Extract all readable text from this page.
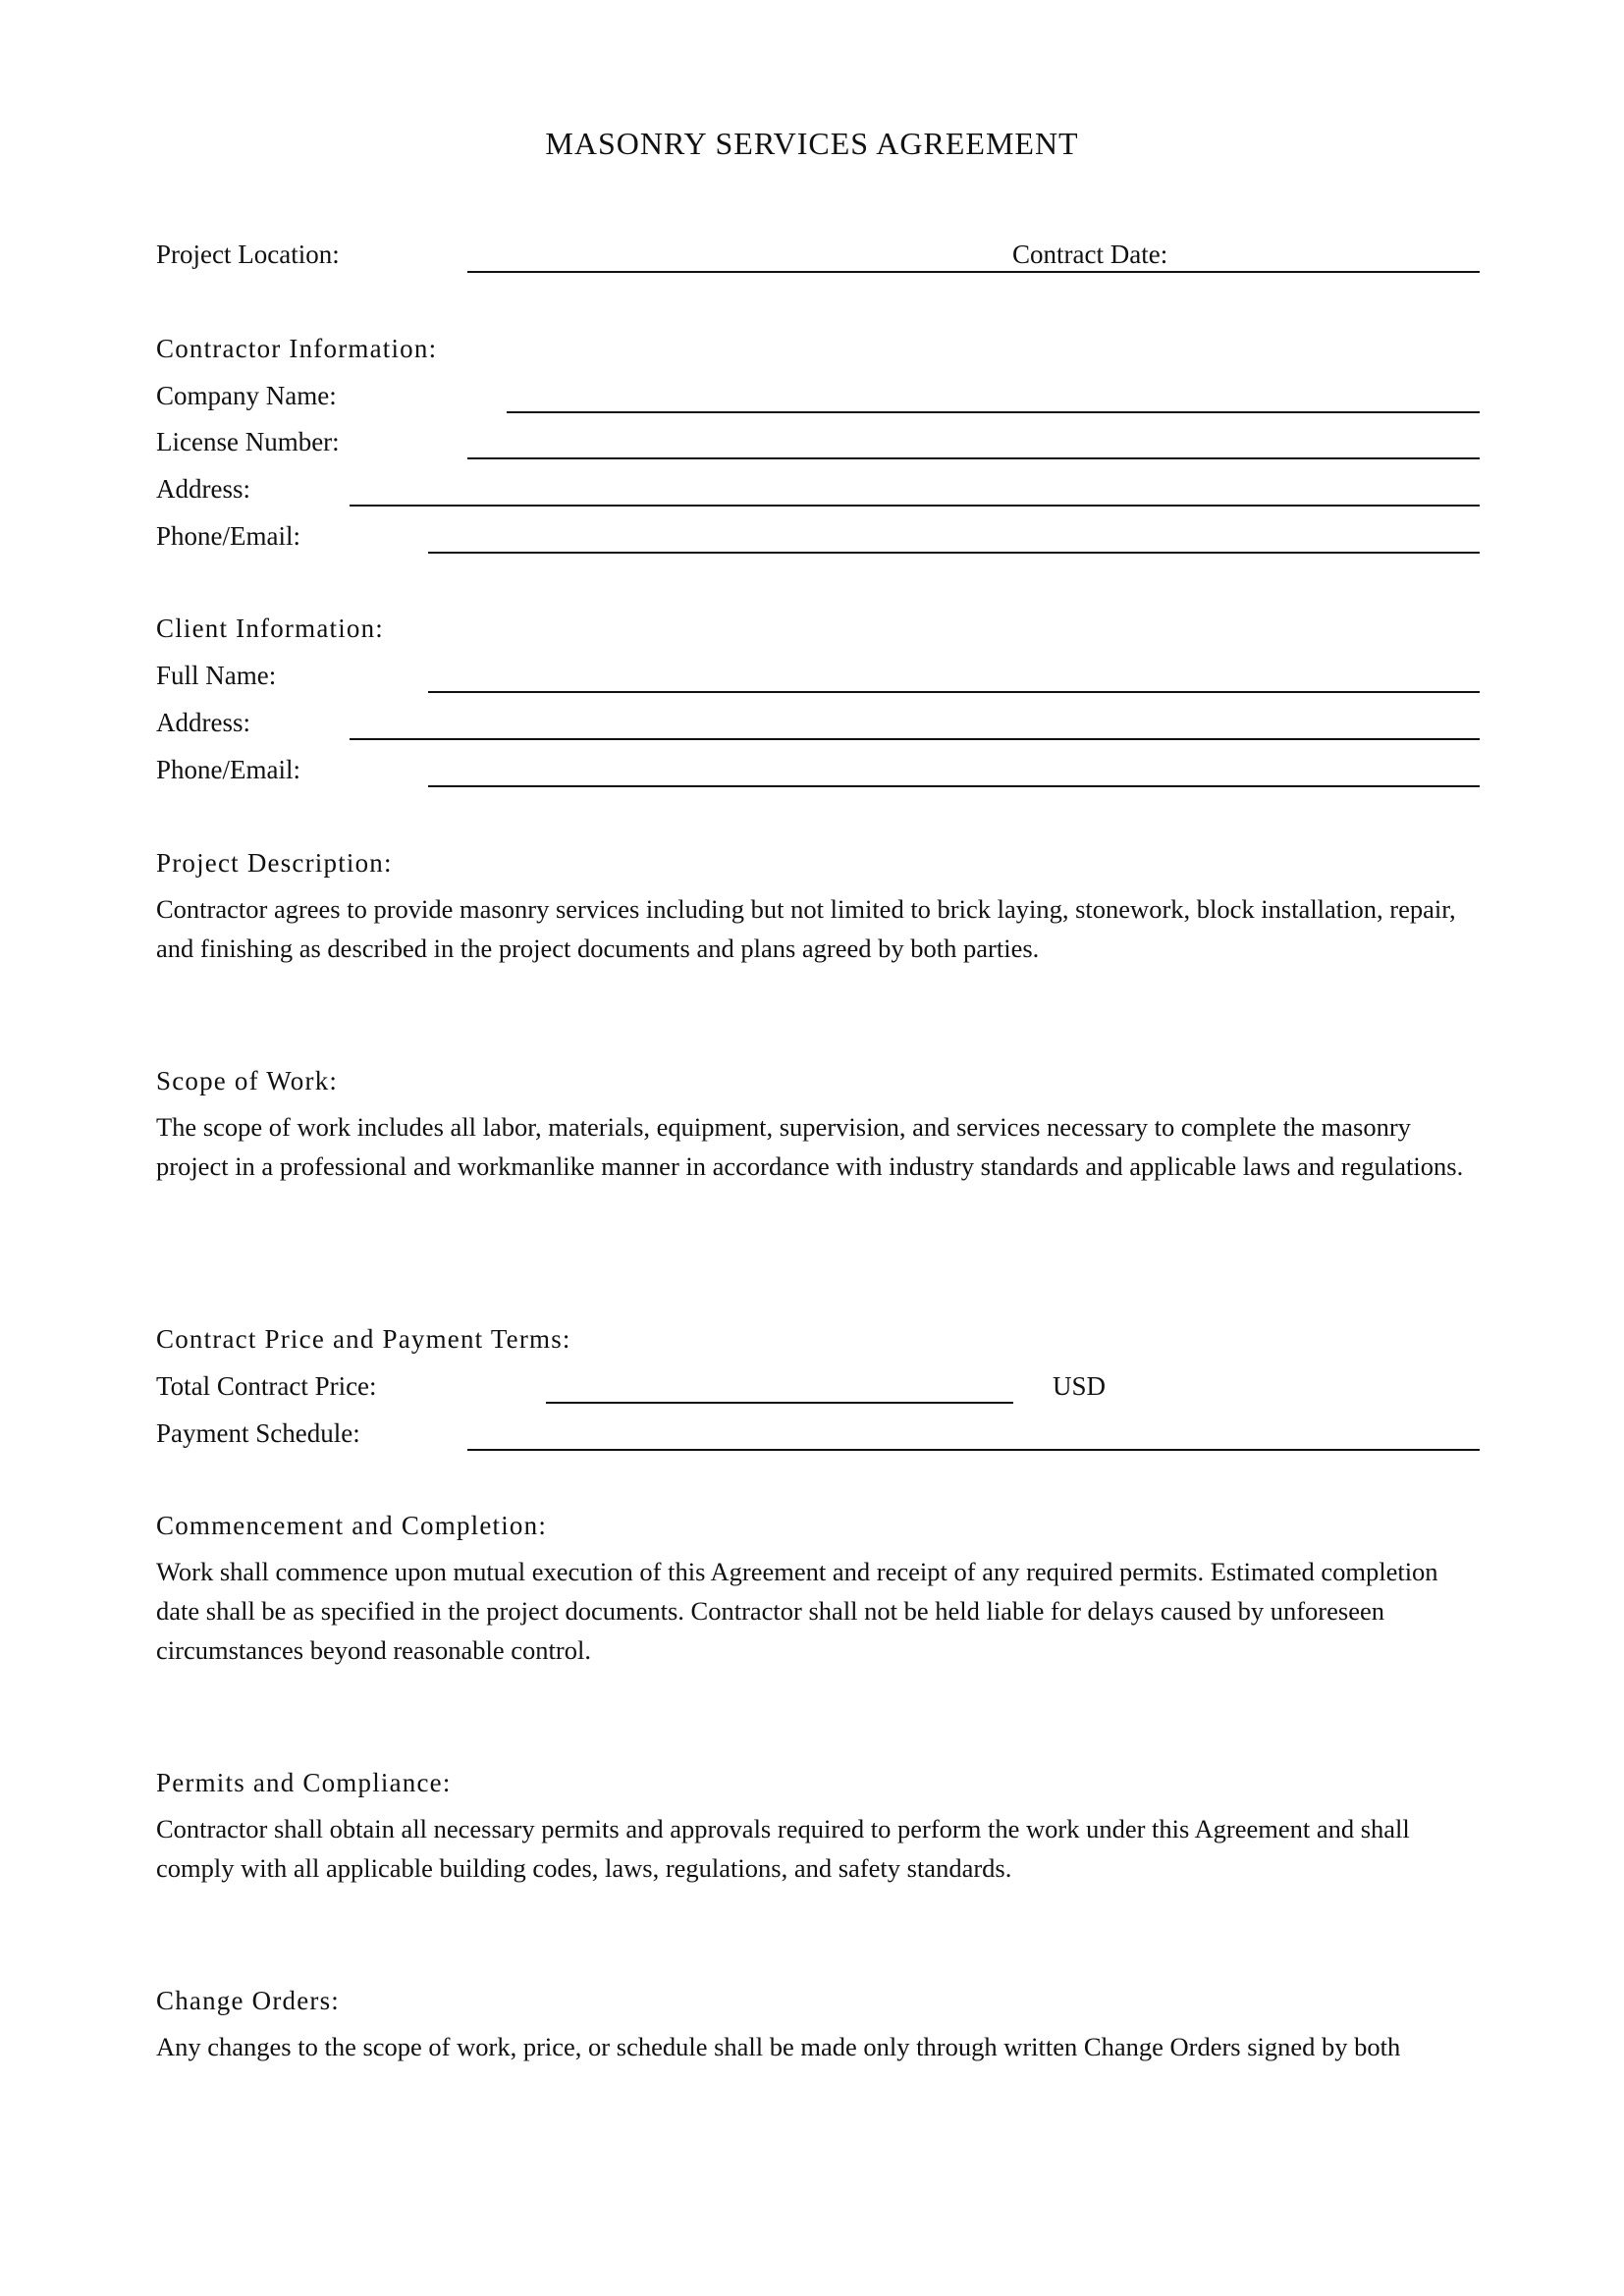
MASONRY SERVICES AGREEMENT
Project Location:	Contract Date:
Contractor Information:
Company Name:
License Number:
Address:
Phone/Email:
Client Information:
Full Name:
Address:
Phone/Email:
Project Description:
Contractor agrees to provide masonry services including but not limited to brick laying, stonework, block installation, repair, and finishing as described in the project documents and plans agreed by both parties.
Scope of Work:
The scope of work includes all labor, materials, equipment, supervision, and services necessary to complete the masonry project in a professional and workmanlike manner in accordance with industry standards and applicable laws and regulations.
Contract Price and Payment Terms:
Total Contract Price:	USD
Payment Schedule:
Commencement and Completion:
Work shall commence upon mutual execution of this Agreement and receipt of any required permits. Estimated completion date shall be as specified in the project documents. Contractor shall not be held liable for delays caused by unforeseen circumstances beyond reasonable control.
Permits and Compliance:
Contractor shall obtain all necessary permits and approvals required to perform the work under this Agreement and shall comply with all applicable building codes, laws, regulations, and safety standards.
Change Orders:
Any changes to the scope of work, price, or schedule shall be made only through written Change Orders signed by both
